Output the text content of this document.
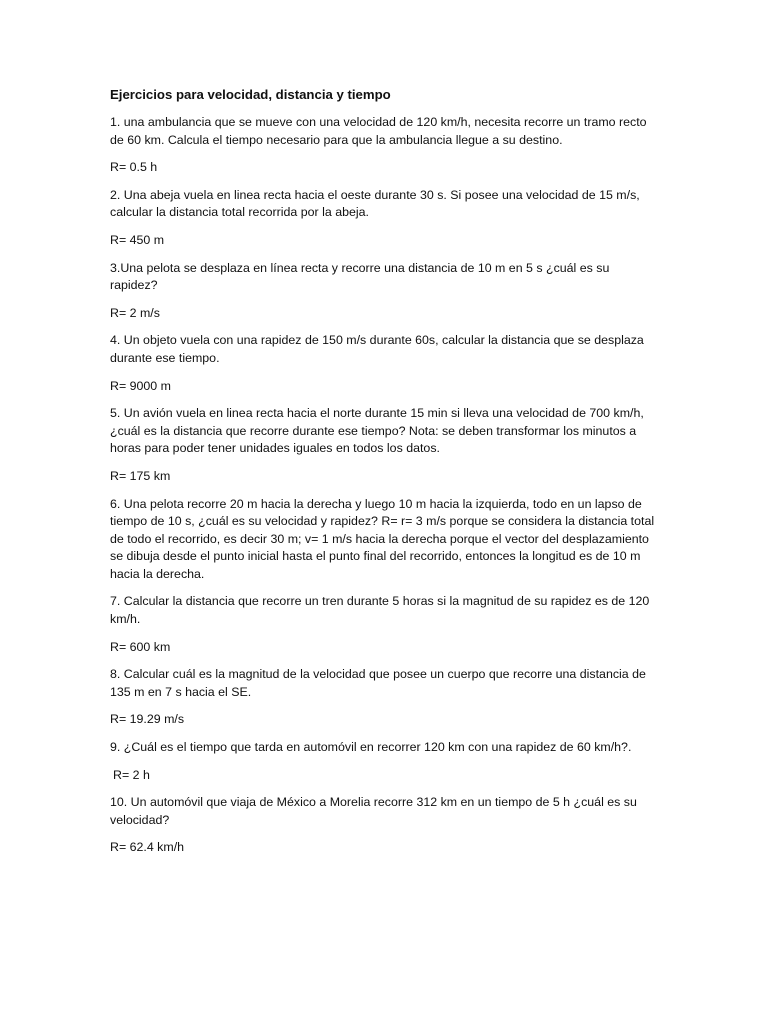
Ejercicios para velocidad, distancia y tiempo
1. una ambulancia que se mueve con una velocidad de 120 km/h, necesita recorre un tramo recto de 60 km. Calcula el tiempo necesario para que la ambulancia llegue a su destino.
R= 0.5 h
2. Una abeja vuela en linea recta hacia el oeste durante 30 s. Si posee una velocidad de 15 m/s, calcular la distancia total recorrida por la abeja.
R= 450 m
3.Una pelota se desplaza en línea recta y recorre una distancia de 10 m en 5 s ¿cuál es su rapidez?
R= 2 m/s
4. Un objeto vuela con una rapidez de 150 m/s durante 60s, calcular la distancia que se desplaza durante ese tiempo.
R= 9000 m
5. Un avión vuela en linea recta hacia el norte durante 15 min si lleva una velocidad de 700 km/h, ¿cuál es la distancia que recorre durante ese tiempo? Nota: se deben transformar los minutos a horas para poder tener unidades iguales en todos los datos.
R= 175 km
6. Una pelota recorre 20 m hacia la derecha y luego 10 m hacia la izquierda, todo en un lapso de tiempo de 10 s, ¿cuál es su velocidad y rapidez? R= r= 3 m/s porque se considera la distancia total de todo el recorrido, es decir 30 m; v= 1 m/s hacia la derecha porque el vector del desplazamiento se dibuja desde el punto inicial hasta el punto final del recorrido, entonces la longitud es de 10 m hacia la derecha.
7. Calcular la distancia que recorre un tren durante 5 horas si la magnitud de su rapidez es de 120 km/h.
R= 600 km
8. Calcular cuál es la magnitud de la velocidad que posee un cuerpo que recorre una distancia de 135 m en 7 s hacia el SE.
R= 19.29 m/s
9. ¿Cuál es el tiempo que tarda en automóvil en recorrer 120 km con una rapidez de 60 km/h?.
R= 2 h
10. Un automóvil que viaja de México a Morelia recorre 312 km en un tiempo de 5 h ¿cuál es su velocidad?
R= 62.4 km/h
